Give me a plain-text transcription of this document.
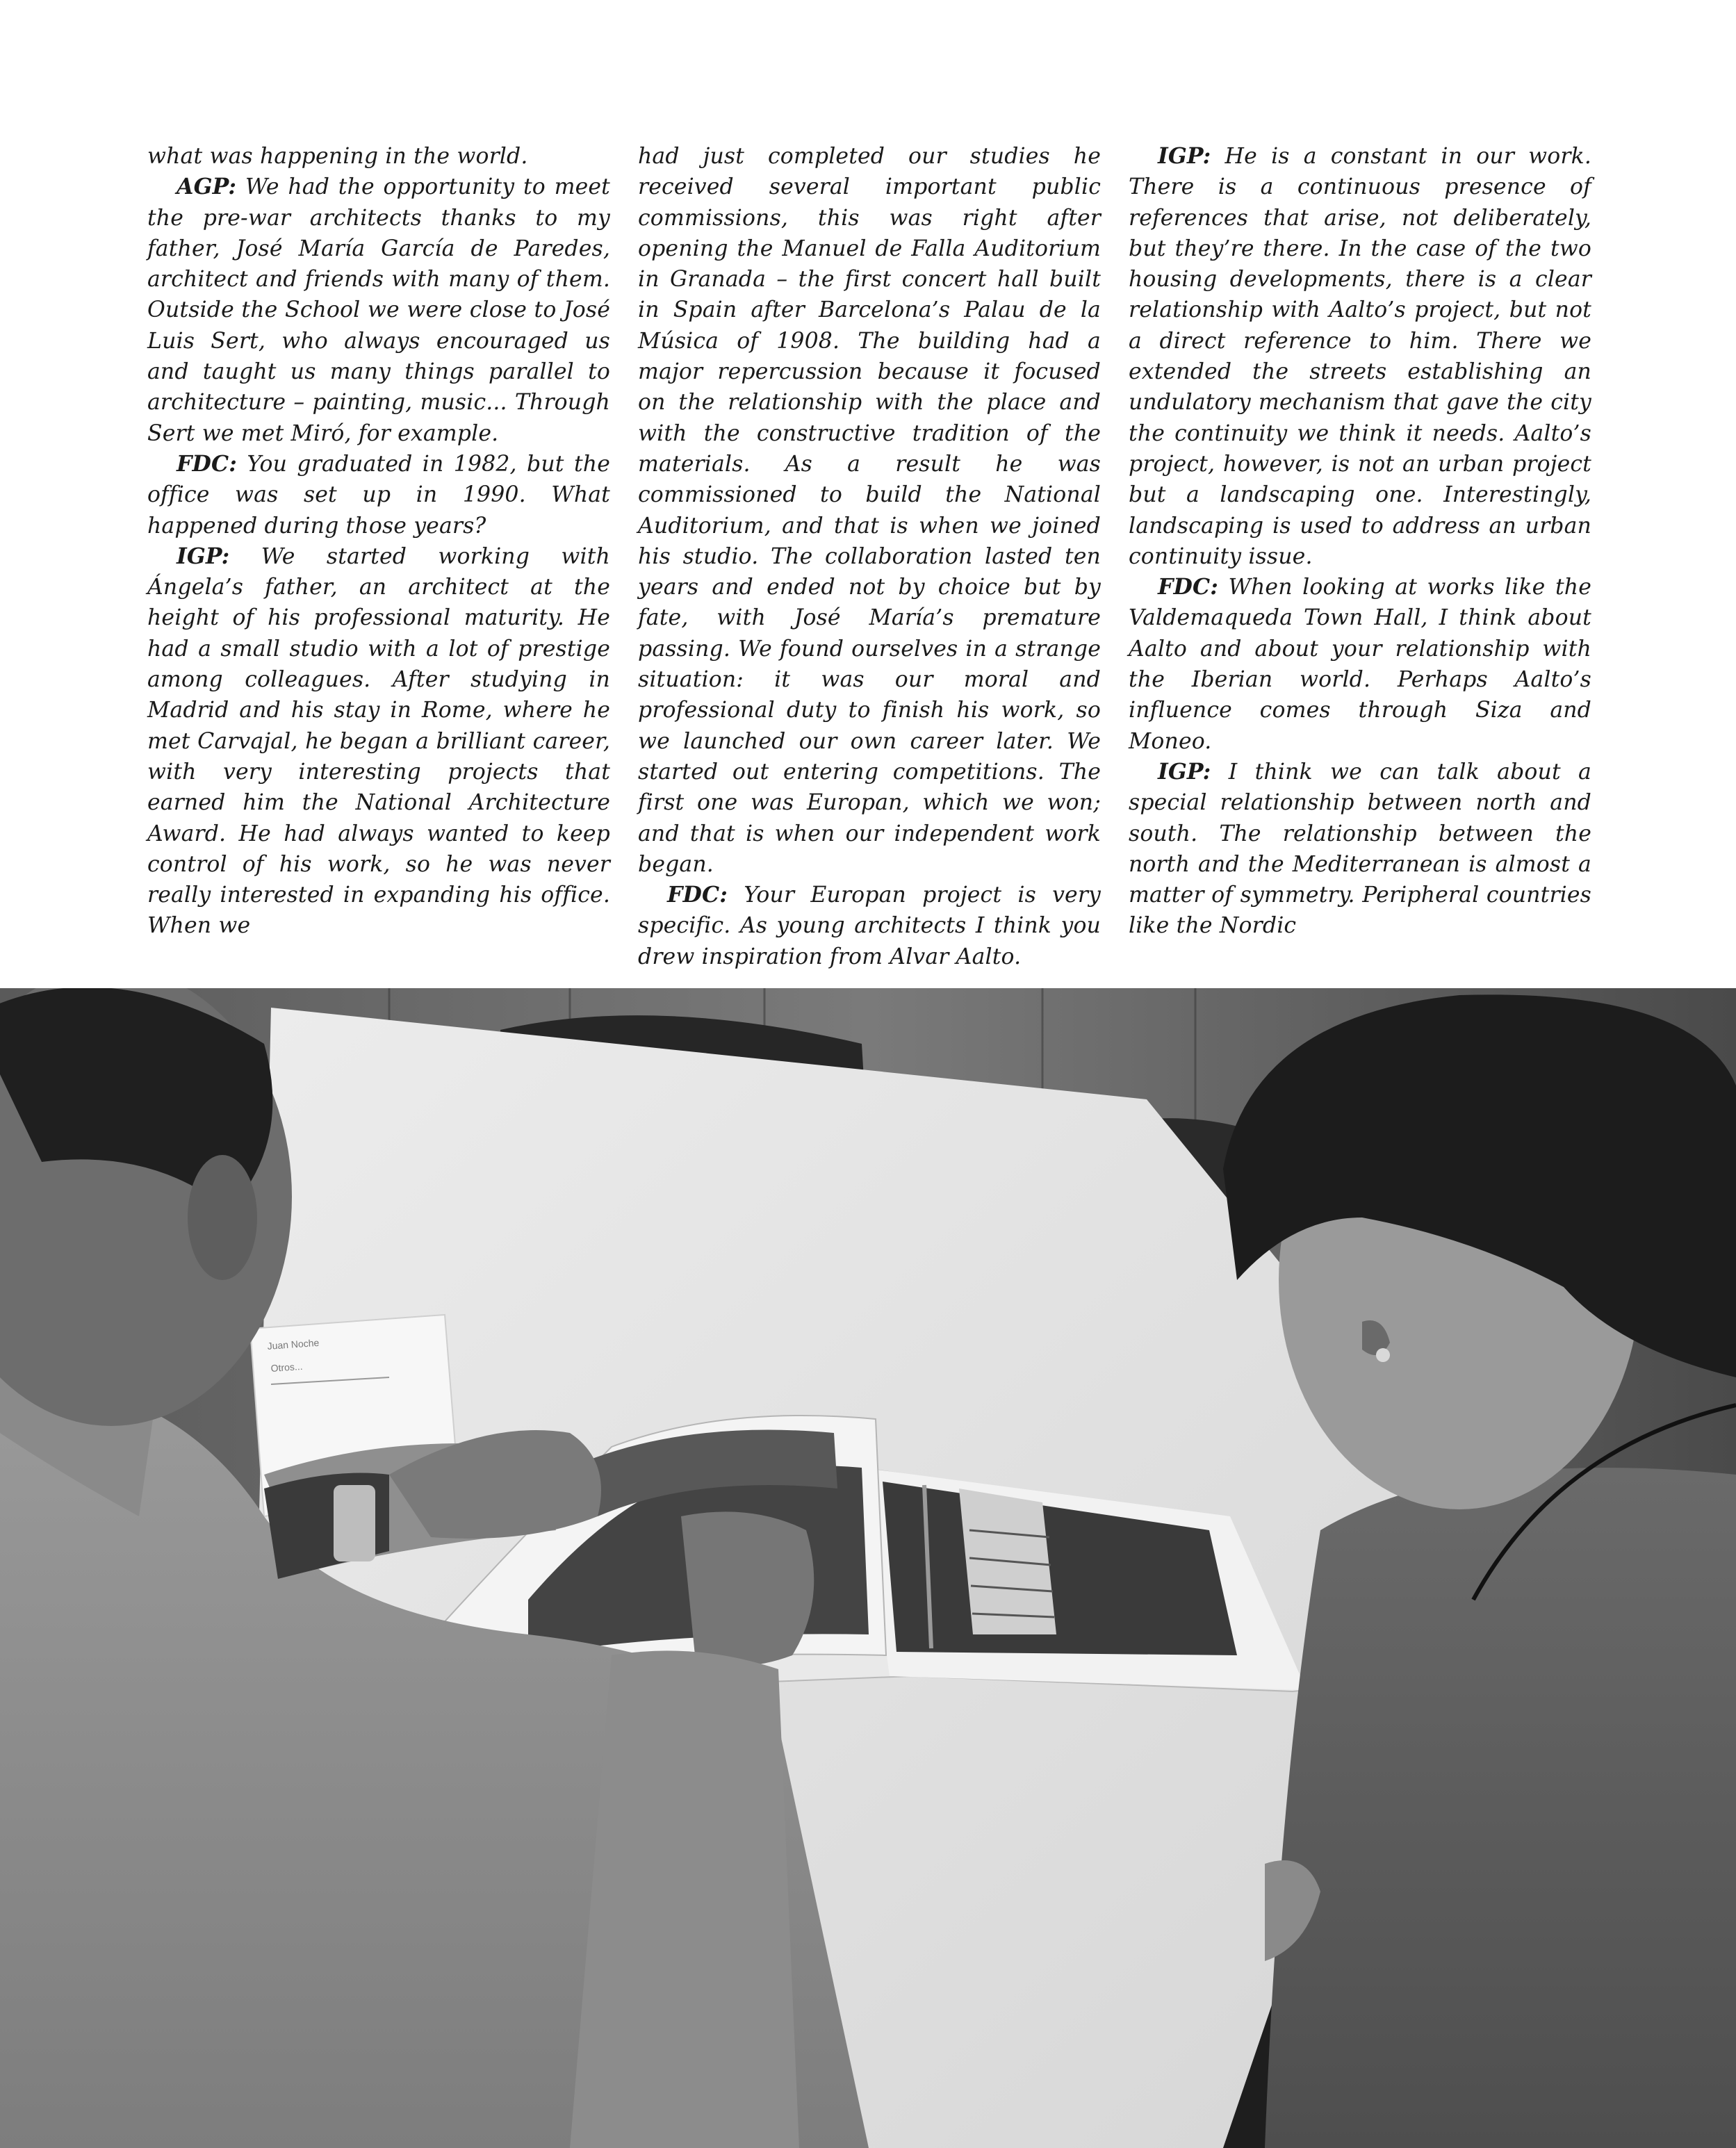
what was happening in the world.

AGP: We had the opportunity to meet the pre-war architects thanks to my father, José María García de Paredes, architect and friends with many of them. Outside the School we were close to José Luis Sert, who always encouraged us and taught us many things parallel to architecture – painting, music... Through Sert we met Miró, for example.

FDC: You graduated in 1982, but the office was set up in 1990. What happened during those years?

IGP: We started working with Ángela’s father, an architect at the height of his professional maturity. He had a small studio with a lot of prestige among colleagues. After studying in Madrid and his stay in Rome, where he met Carvajal, he began a brilliant career, with very interesting projects that earned him the National Architecture Award. He had always wanted to keep control of his work, so he was never really interested in expanding his office. When we

had just completed our studies he received several important public commissions, this was right after opening the Manuel de Falla Auditorium in Granada – the first concert hall built in Spain after Barcelona’s Palau de la Música of 1908. The building had a major repercussion because it focused on the relationship with the place and with the constructive tradition of the materials. As a result he was commissioned to build the National Auditorium, and that is when we joined his studio. The collaboration lasted ten years and ended not by choice but by fate, with José María’s premature passing. We found ourselves in a strange situation: it was our moral and professional duty to finish his work, so we launched our own career later. We started out entering competitions. The first one was Europan, which we won; and that is when our independent work began.

FDC: Your Europan project is very specific. As young architects I think you drew inspiration from Alvar Aalto.

IGP: He is a constant in our work. There is a continuous presence of references that arise, not deliberately, but they’re there. In the case of the two housing developments, there is a clear relationship with Aalto’s project, but not a direct reference to him. There we extended the streets establishing an undulatory mechanism that gave the city the continuity we think it needs. Aalto’s project, however, is not an urban project but a landscaping one. Interestingly, landscaping is used to address an urban continuity issue.

FDC: When looking at works like the Valdemaqueda Town Hall, I think about Aalto and about your relationship with the Iberian world. Perhaps Aalto’s influence comes through Siza and Moneo.

IGP: I think we can talk about a special relationship between north and south. The relationship between the north and the Mediterranean is almost a matter of symmetry. Peripheral countries like the Nordic

Juan Noche
Otros...
